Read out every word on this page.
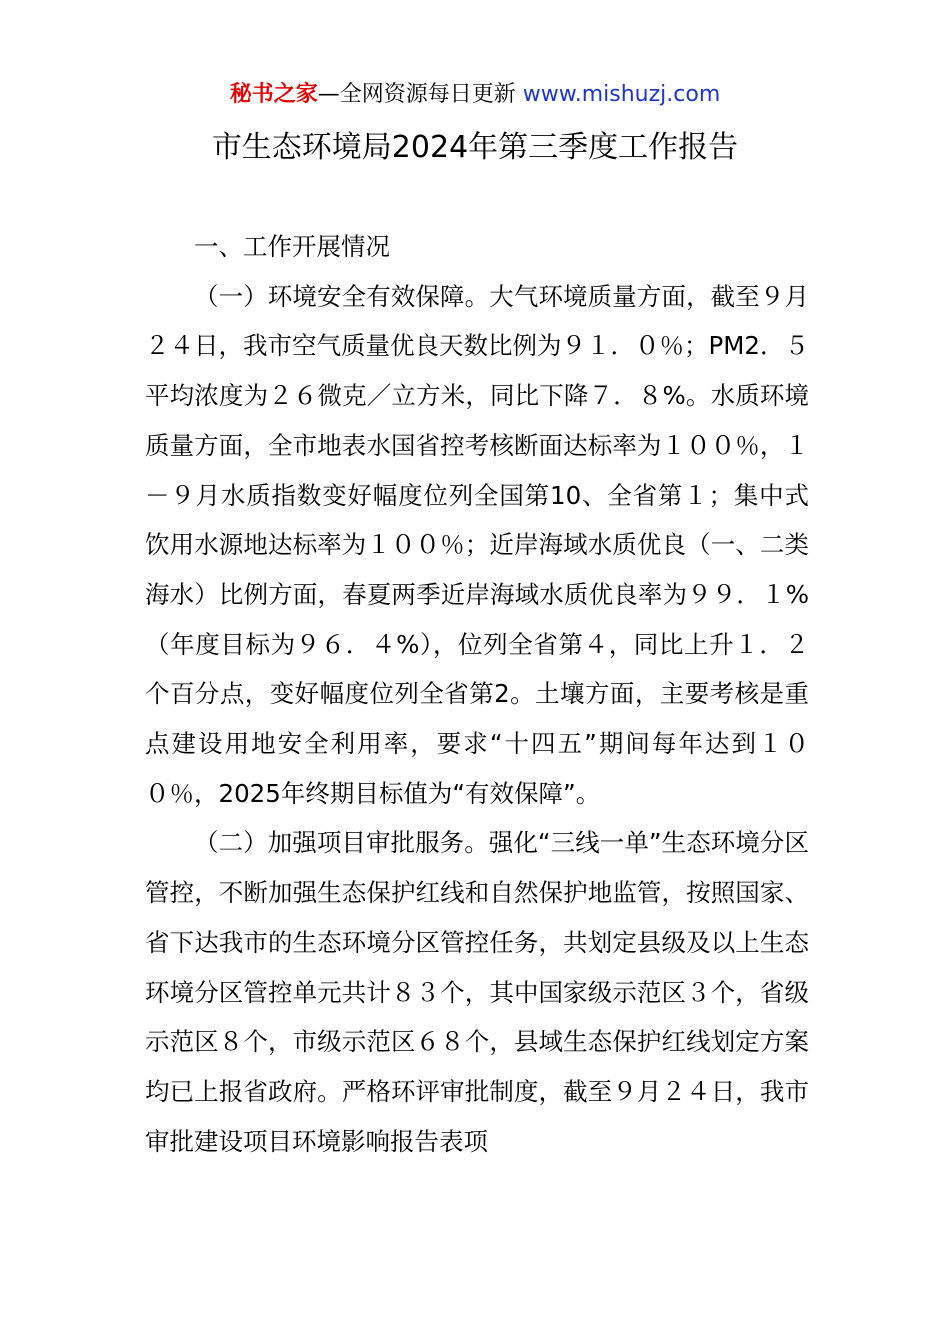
秘书之家—全网资源每日更新 www.mishuzj.com
市生态环境局2024年第三季度工作报告

一、工作开展情况

（一）环境安全有效保障。大气环境质量方面，截至９月２４日，我市空气质量优良天数比例为９１．０％；PM2．５平均浓度为２６微克／立方米，同比下降７．８%。水质环境质量方面，全市地表水国省控考核断面达标率为１００％，１－９月水质指数变好幅度位列全国第10、全省第１；集中式饮用水源地达标率为１００％；近岸海域水质优良（一、二类海水）比例方面，春夏两季近岸海域水质优良率为９９．１%（年度目标为９６．４%），位列全省第４，同比上升１．２个百分点，变好幅度位列全省第2。土壤方面，主要考核是重点建设用地安全利用率，要求“十四五”期间每年达到１００％，2025年终期目标值为“有效保障”。

（二）加强项目审批服务。强化“三线一单”生态环境分区管控，不断加强生态保护红线和自然保护地监管，按照国家、省下达我市的生态环境分区管控任务，共划定县级及以上生态环境分区管控单元共计８３个，其中国家级示范区３个，省级示范区８个，市级示范区６８个，县域生态保护红线划定方案均已上报省政府。严格环评审批制度，截至９月２４日，我市审批建设项目环境影响报告表项
